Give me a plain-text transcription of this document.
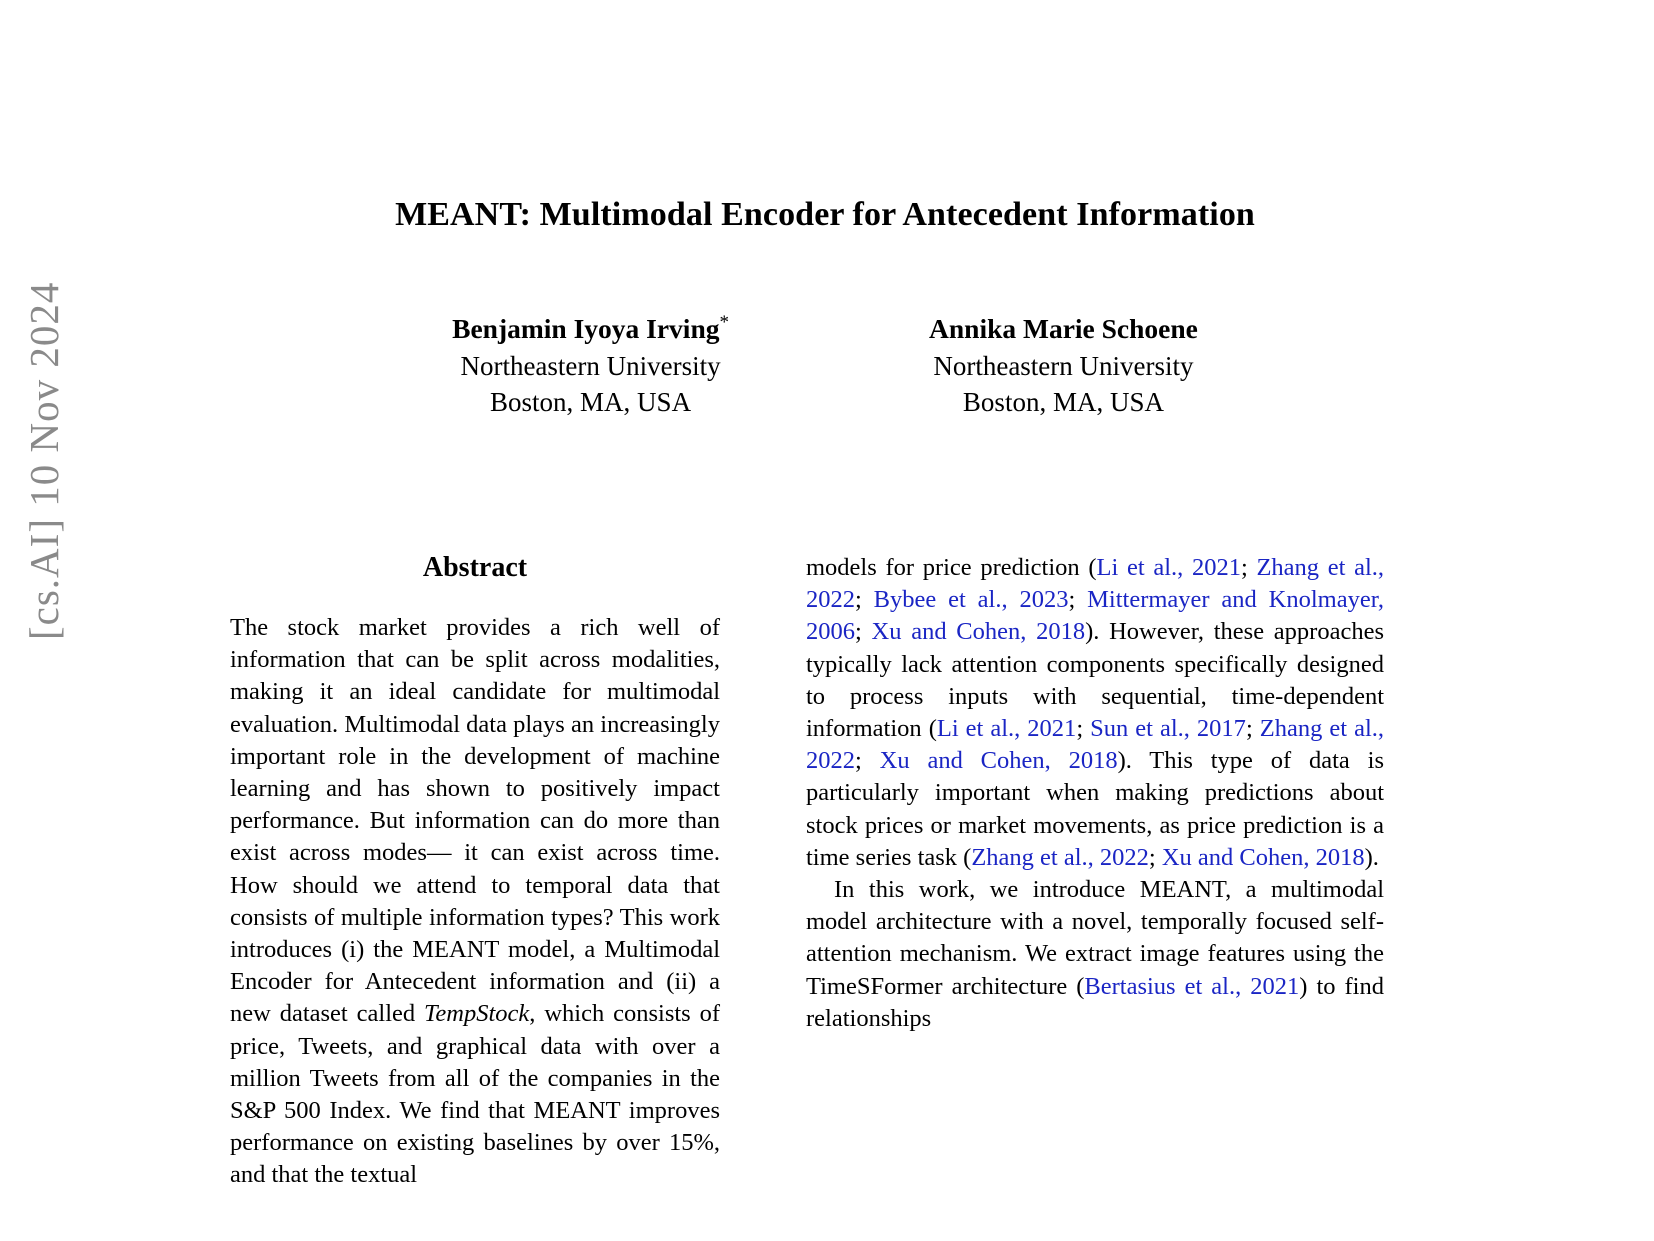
[cs.AI] 10 Nov 2024
MEANT: Multimodal Encoder for Antecedent Information
Benjamin Iyoya Irving*
Northeastern University
Boston, MA, USA
Annika Marie Schoene
Northeastern University
Boston, MA, USA
Abstract

The stock market provides a rich well of information that can be split across modalities, making it an ideal candidate for multimodal evaluation. Multimodal data plays an increasingly important role in the development of machine learning and has shown to positively impact performance. But information can do more than exist across modes— it can exist across time. How should we attend to temporal data that consists of multiple information types? This work introduces (i) the MEANT model, a Multimodal Encoder for Antecedent information and (ii) a new dataset called TempStock, which consists of price, Tweets, and graphical data with over a million Tweets from all of the companies in the S&P 500 Index. We find that MEANT improves performance on existing baselines by over 15%, and that the textual

models for price prediction (Li et al., 2021; Zhang et al., 2022; Bybee et al., 2023; Mittermayer and Knolmayer, 2006; Xu and Cohen, 2018). However, these approaches typically lack attention components specifically designed to process inputs with sequential, time-dependent information (Li et al., 2021; Sun et al., 2017; Zhang et al., 2022; Xu and Cohen, 2018). This type of data is particularly important when making predictions about stock prices or market movements, as price prediction is a time series task (Zhang et al., 2022; Xu and Cohen, 2018).

In this work, we introduce MEANT, a multimodal model architecture with a novel, temporally focused self-attention mechanism. We extract image features using the TimeSFormer architecture (Bertasius et al., 2021) to find relationships
